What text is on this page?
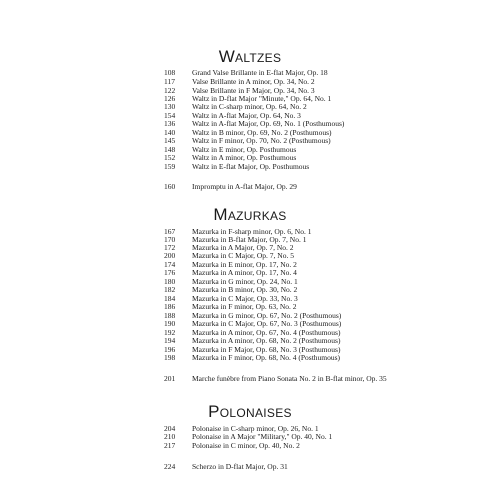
Waltzes
108	Grand Valse Brillante in E-flat Major, Op. 18
117	Valse Brillante in A minor, Op. 34, No. 2
122	Valse Brillante in F Major, Op. 34, No. 3
126	Waltz in D-flat Major "Minute," Op. 64, No. 1
130	Waltz in C-sharp minor, Op. 64, No. 2
154	Waltz in A-flat Major, Op. 64, No. 3
136	Waltz in A-flat Major, Op. 69, No. 1 (Posthumous)
140	Waltz in B minor, Op. 69, No. 2 (Posthumous)
145	Waltz in F minor, Op. 70, No. 2 (Posthumous)
148	Waltz in E minor, Op. Posthumous
152	Waltz in A minor, Op. Posthumous
159	Waltz in E-flat Major, Op. Posthumous
160	Impromptu in A-flat Major, Op. 29
Mazurkas
167	Mazurka in F-sharp minor, Op. 6, No. 1
170	Mazurka in B-flat Major, Op. 7, No. 1
172	Mazurka in A Major, Op. 7, No. 2
200	Mazurka in C Major, Op. 7, No. 5
174	Mazurka in E minor, Op. 17, No. 2
176	Mazurka in A minor, Op. 17, No. 4
180	Mazurka in G minor, Op. 24, No. 1
182	Mazurka in B minor, Op. 30, No. 2
184	Mazurka in C Major, Op. 33, No. 3
186	Mazurka in F minor, Op. 63, No. 2
188	Mazurka in G minor, Op. 67, No. 2 (Posthumous)
190	Mazurka in C Major, Op. 67, No. 3 (Posthumous)
192	Mazurka in A minor, Op. 67, No. 4 (Posthumous)
194	Mazurka in A minor, Op. 68, No. 2 (Posthumous)
196	Mazurka in F Major, Op. 68, No. 3 (Posthumous)
198	Mazurka in F minor, Op. 68, No. 4 (Posthumous)
201	Marche funèbre from Piano Sonata No. 2 in B-flat minor, Op. 35
Polonaises
204	Polonaise in C-sharp minor, Op. 26, No. 1
210	Polonaise in A Major "Military," Op. 40, No. 1
217	Polonaise in C minor, Op. 40, No. 2
224	Scherzo in D-flat Major, Op. 31
